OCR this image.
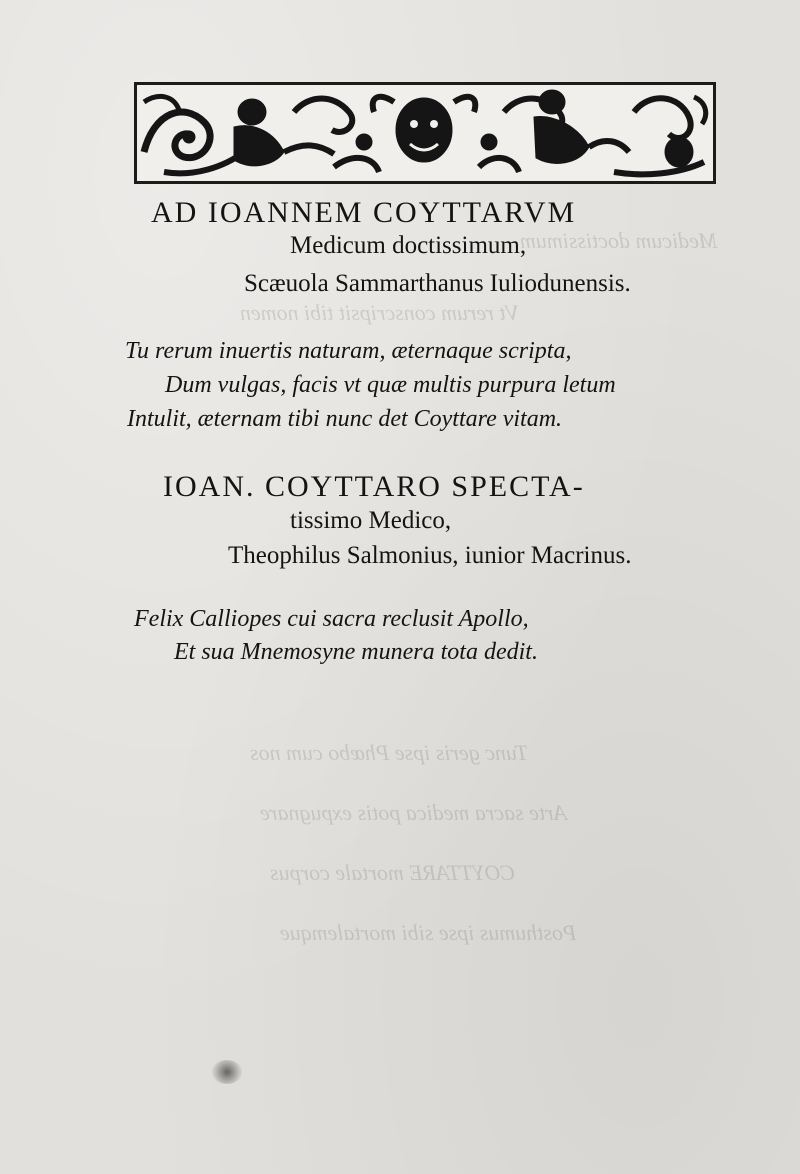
Medicum doctissimum
Vt rerum conscripsit tibi nomen
Tunc geris ipse Phœbo cum nos
Arte sacra medica potis expugnare
COYTTARE mortale corpus
Posthumus ipse sibi mortalemque
AD IOANNEM COYTTARVM
Medicum doctissimum,
Scæuola Sammarthanus Iuliodunensis.
Tu rerum inuertis naturam, æternaque scripta,
Dum vulgas, facis vt quæ multis purpura letum
Intulit, æternam tibi nunc det Coyttare vitam.
IOAN. COYTTARO SPECTA-
tissimo Medico,
Theophilus Salmonius, iunior Macrinus.
Felix Calliopes cui sacra reclusit Apollo,
Et sua Mnemosyne munera tota dedit.
